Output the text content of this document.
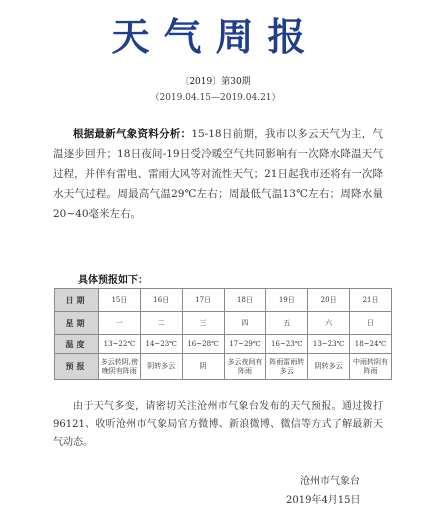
天气周报
〔2019〕第30期
（2019.04.15—2019.04.21）
根据最新气象资料分析：15-18日前期，我市以多云天气为主，气温逐步回升；18日夜间-19日受冷暖空气共同影响有一次降水降温天气过程，并伴有雷电、雷雨大风等对流性天气；21日起我市还将有一次降水天气过程。周最高气温29℃左右；周最低气温13℃左右；周降水量20~40毫米左右。
具体预报如下：
日期	15日	16日	17日	18日	19日	20日	21日
星期	一	二	三	四	五	六	日
温度	13~22℃	14~23℃	16~28℃	17~29℃	16~23℃	13~23℃	18~24℃
预报	多云转阴,傍晚阴有阵雨	阴转多云	阴	多云夜间有阵雨	阵雨雷雨转多云	阴转多云	中雨转阴有阵雨
由于天气多变，请密切关注沧州市气象台发布的天气预报。通过拨打96121、收听沧州市气象局官方微博、新浪微博、微信等方式了解最新天气动态。
沧州市气象台
2019年4月15日
